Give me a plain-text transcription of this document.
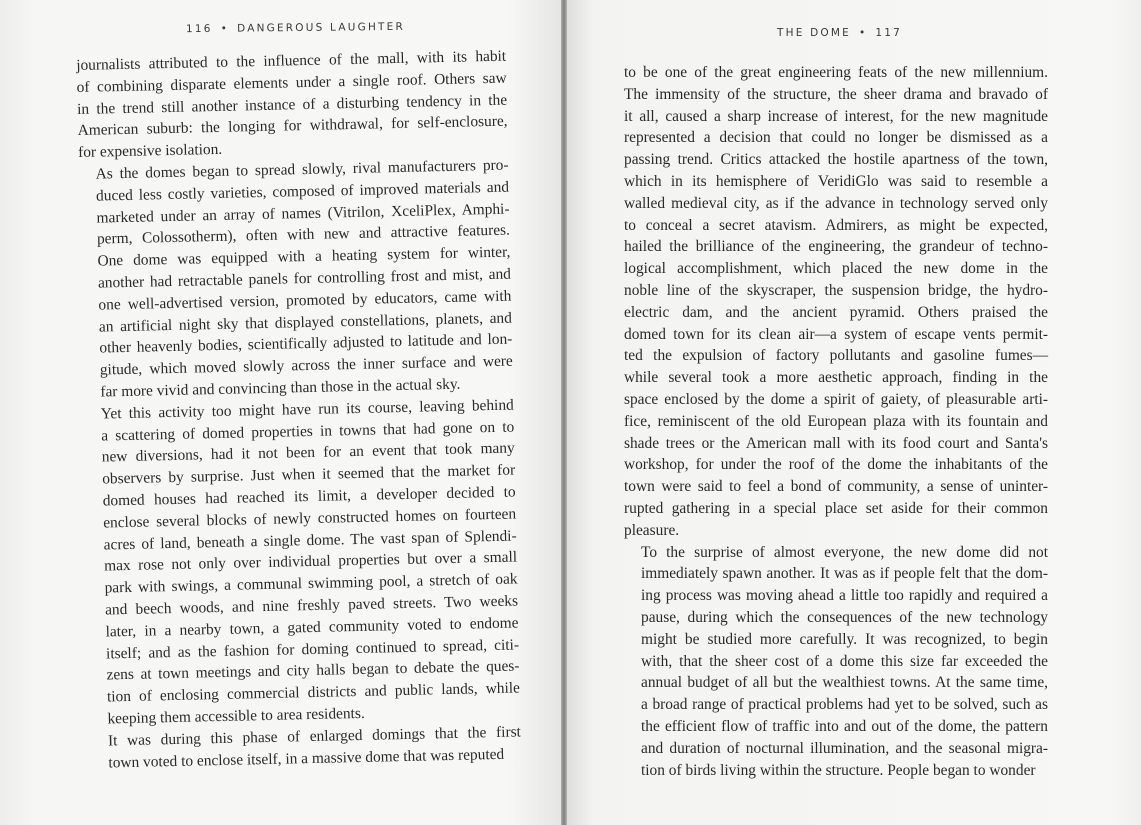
116 • DANGEROUS LAUGHTER

journalists attributed to the influence of the mall, with its habit
of combining disparate elements under a single roof. Others saw
in the trend still another instance of a disturbing tendency in the
American suburb: the longing for withdrawal, for self-enclosure,
for expensive isolation.

As the domes began to spread slowly, rival manufacturers pro-
duced less costly varieties, composed of improved materials and
marketed under an array of names (Vitrilon, XceliPlex, Amphi-
perm, Colossotherm), often with new and attractive features.
One dome was equipped with a heating system for winter,
another had retractable panels for controlling frost and mist, and
one well-advertised version, promoted by educators, came with
an artificial night sky that displayed constellations, planets, and
other heavenly bodies, scientifically adjusted to latitude and lon-
gitude, which moved slowly across the inner surface and were
far more vivid and convincing than those in the actual sky.

Yet this activity too might have run its course, leaving behind
a scattering of domed properties in towns that had gone on to
new diversions, had it not been for an event that took many
observers by surprise. Just when it seemed that the market for
domed houses had reached its limit, a developer decided to
enclose several blocks of newly constructed homes on fourteen
acres of land, beneath a single dome. The vast span of Splendi-
max rose not only over individual properties but over a small
park with swings, a communal swimming pool, a stretch of oak
and beech woods, and nine freshly paved streets. Two weeks
later, in a nearby town, a gated community voted to endome
itself; and as the fashion for doming continued to spread, citi-
zens at town meetings and city halls began to debate the ques-
tion of enclosing commercial districts and public lands, while
keeping them accessible to area residents.

It was during this phase of enlarged domings that the first
town voted to enclose itself, in a massive dome that was reputed

THE DOME • 117

to be one of the great engineering feats of the new millennium.
The immensity of the structure, the sheer drama and bravado of
it all, caused a sharp increase of interest, for the new magnitude
represented a decision that could no longer be dismissed as a
passing trend. Critics attacked the hostile apartness of the town,
which in its hemisphere of VeridiGlo was said to resemble a
walled medieval city, as if the advance in technology served only
to conceal a secret atavism. Admirers, as might be expected,
hailed the brilliance of the engineering, the grandeur of techno-
logical accomplishment, which placed the new dome in the
noble line of the skyscraper, the suspension bridge, the hydro-
electric dam, and the ancient pyramid. Others praised the
domed town for its clean air—a system of escape vents permit-
ted the expulsion of factory pollutants and gasoline fumes—
while several took a more aesthetic approach, finding in the
space enclosed by the dome a spirit of gaiety, of pleasurable arti-
fice, reminiscent of the old European plaza with its fountain and
shade trees or the American mall with its food court and Santa's
workshop, for under the roof of the dome the inhabitants of the
town were said to feel a bond of community, a sense of uninter-
rupted gathering in a special place set aside for their common
pleasure.

To the surprise of almost everyone, the new dome did not
immediately spawn another. It was as if people felt that the dom-
ing process was moving ahead a little too rapidly and required a
pause, during which the consequences of the new technology
might be studied more carefully. It was recognized, to begin
with, that the sheer cost of a dome this size far exceeded the
annual budget of all but the wealthiest towns. At the same time,
a broad range of practical problems had yet to be solved, such as
the efficient flow of traffic into and out of the dome, the pattern
and duration of nocturnal illumination, and the seasonal migra-
tion of birds living within the structure. People began to wonder
